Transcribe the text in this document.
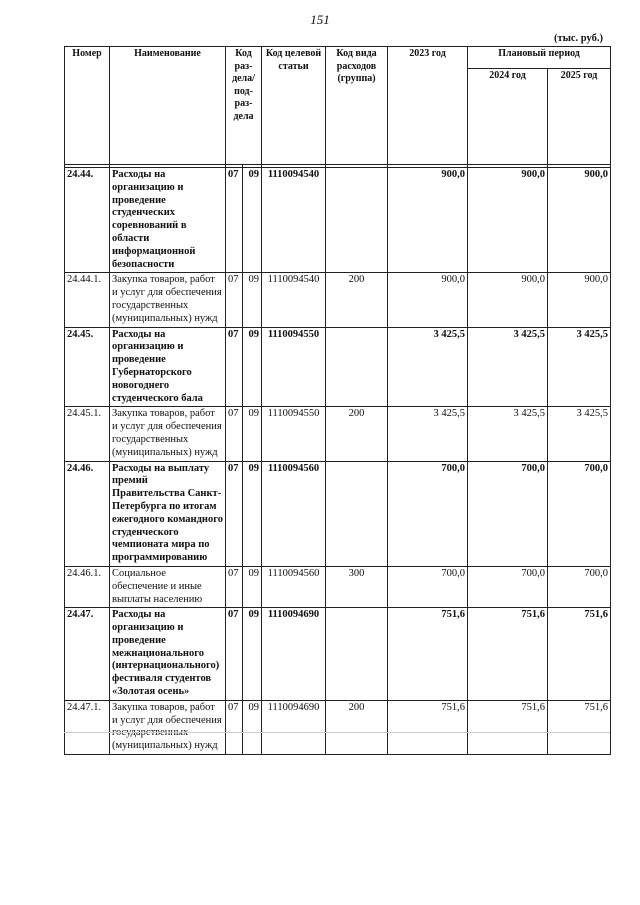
151
(тыс. руб.)
Номер	Наименование	Код раз-дела/ под-раз-дела		Код целевой статьи	Код вида расходов (группа)	2023 год	Плановый период	
							2024 год	2025 год

24.44.	Расходы на организацию и проведение студенческих соревнований в области информационной безопасности	07	09	1110094540		900,0	900,0	900,0
24.44.1.	Закупка товаров, работ и услуг для обеспечения государственных (муниципальных) нужд	07	09	1110094540	200	900,0	900,0	900,0
24.45.	Расходы на организацию и проведение Губернаторского новогоднего студенческого бала	07	09	1110094550		3 425,5	3 425,5	3 425,5
24.45.1.	Закупка товаров, работ и услуг для обеспечения государственных (муниципальных) нужд	07	09	1110094550	200	3 425,5	3 425,5	3 425,5
24.46.	Расходы на выплату премий Правительства Санкт-Петербурга по итогам ежегодного командного студенческого чемпионата мира по программированию	07	09	1110094560		700,0	700,0	700,0
24.46.1.	Социальное обеспечение и иные выплаты населению	07	09	1110094560	300	700,0	700,0	700,0
24.47.	Расходы на организацию и проведение межнационального (интернационального) фестиваля студентов «Золотая осень»	07	09	1110094690		751,6	751,6	751,6
24.47.1.	Закупка товаров, работ и услуг для обеспечения государственных (муниципальных) нужд	07	09	1110094690	200	751,6	751,6	751,6
